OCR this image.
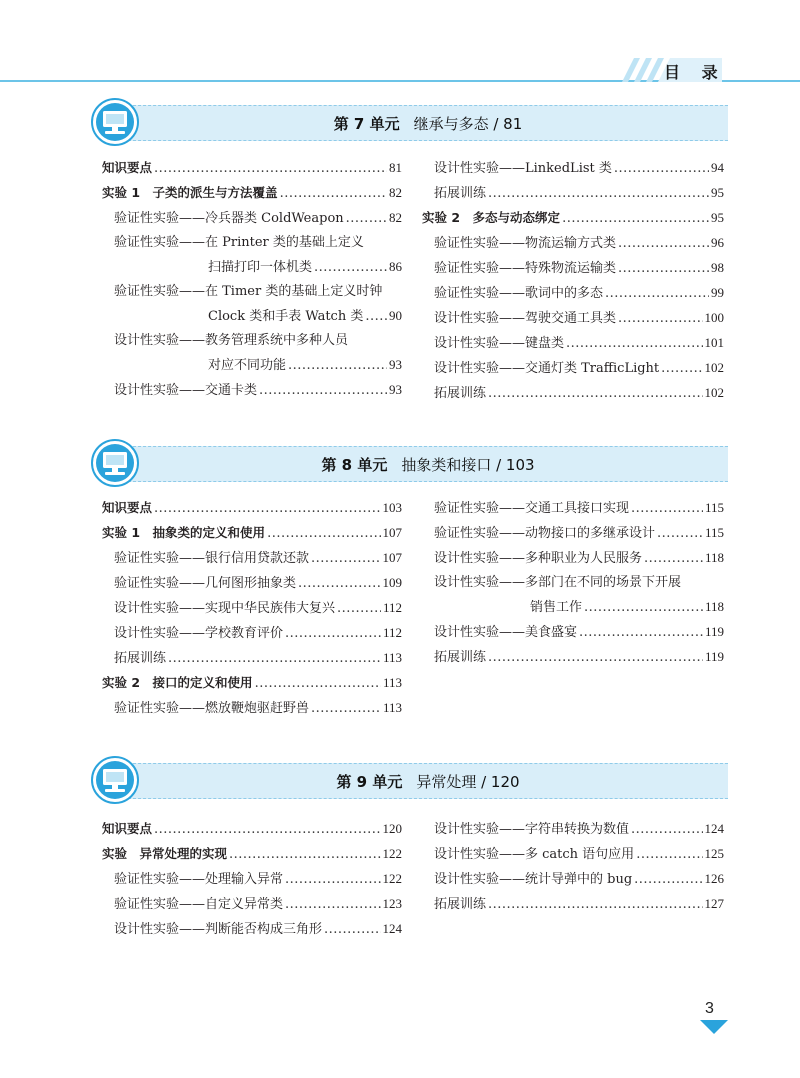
目 录
第 7 单元 继承与多态 / 81
知识要点 .....	81
实验 1　子类的派生与方法覆盖 .....	82
验证性实验——冷兵器类 ColdWeapon .....	82
验证性实验——在 Printer 类的基础上定义
扫描打印一体机类 .....	86
验证性实验——在 Timer 类的基础上定义时钟
Clock 类和手表 Watch 类 ..... 90
设计性实验——教务管理系统中多种人员
对应不同功能 .....	93
设计性实验——交通卡类 .....	93
设计性实验——LinkedList 类 .....	94
拓展训练 .....	95
实验 2　多态与动态绑定 .....	95
验证性实验——物流运输方式类 .....	96
验证性实验——特殊物流运输类 .....	98
验证性实验——歌词中的多态 .....	99
设计性实验——驾驶交通工具类 .....	100
设计性实验——键盘类 .....	101
设计性实验——交通灯类 TrafficLight .....	102
拓展训练 .....	102
第 8 单元 抽象类和接口 / 103
知识要点 .....	103
实验 1　抽象类的定义和使用 .....	107
验证性实验——银行信用贷款还款 .....	107
验证性实验——几何图形抽象类 .....	109
设计性实验——实现中华民族伟大复兴 .....	112
设计性实验——学校教育评价 .....	112
拓展训练 .....	113
实验 2　接口的定义和使用 .....	113
验证性实验——燃放鞭炮驱赶野兽 .....	113
验证性实验——交通工具接口实现 .....	115
验证性实验——动物接口的多继承设计 .....	115
设计性实验——多种职业为人民服务 .....	118
设计性实验——多部门在不同的场景下开展
销售工作 .....	118
设计性实验——美食盛宴 .....	119
拓展训练 .....	119
第 9 单元 异常处理 / 120
知识要点 .....	120
实验　异常处理的实现 .....	122
验证性实验——处理输入异常 .....	122
验证性实验——自定义异常类 .....	123
设计性实验——判断能否构成三角形 .....	124
设计性实验——字符串转换为数值 .....	124
设计性实验——多 catch 语句应用 .....	125
设计性实验——统计导弹中的 bug .....	126
拓展训练 .....	127
3
